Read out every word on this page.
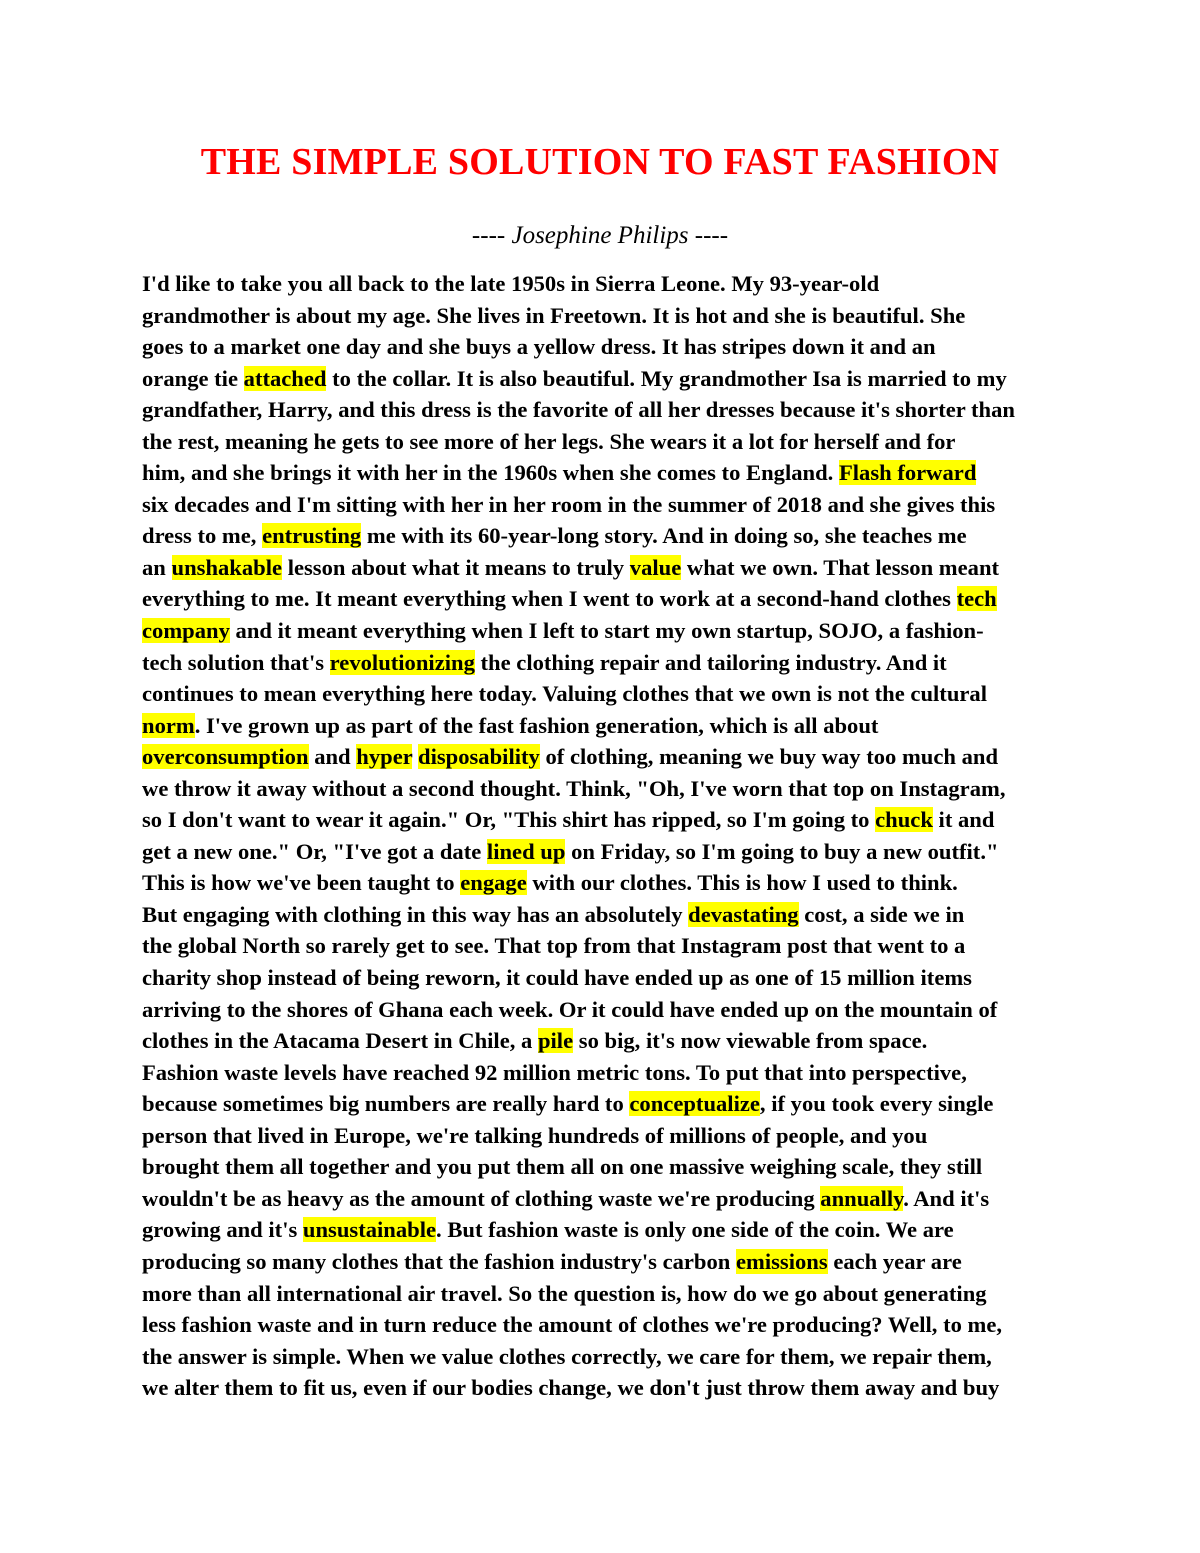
THE SIMPLE SOLUTION TO FAST FASHION
---- Josephine Philips ----
I'd like to take you all back to the late 1950s in Sierra Leone. My 93-year-old
grandmother is about my age. She lives in Freetown. It is hot and she is beautiful. She
goes to a market one day and she buys a yellow dress. It has stripes down it and an
orange tie attached to the collar. It is also beautiful. My grandmother Isa is married to my
grandfather, Harry, and this dress is the favorite of all her dresses because it's shorter than
the rest, meaning he gets to see more of her legs. She wears it a lot for herself and for
him, and she brings it with her in the 1960s when she comes to England. Flash forward
six decades and I'm sitting with her in her room in the summer of 2018 and she gives this
dress to me, entrusting me with its 60-year-long story. And in doing so, she teaches me
an unshakable lesson about what it means to truly value what we own. That lesson meant
everything to me. It meant everything when I went to work at a second-hand clothes tech
company and it meant everything when I left to start my own startup, SOJO, a fashion-
tech solution that's revolutionizing the clothing repair and tailoring industry. And it
continues to mean everything here today. Valuing clothes that we own is not the cultural
norm. I've grown up as part of the fast fashion generation, which is all about
overconsumption and hyper disposability of clothing, meaning we buy way too much and
we throw it away without a second thought. Think, "Oh, I've worn that top on Instagram,
so I don't want to wear it again." Or, "This shirt has ripped, so I'm going to chuck it and
get a new one." Or, "I've got a date lined up on Friday, so I'm going to buy a new outfit."
This is how we've been taught to engage with our clothes. This is how I used to think.
But engaging with clothing in this way has an absolutely devastating cost, a side we in
the global North so rarely get to see. That top from that Instagram post that went to a
charity shop instead of being reworn, it could have ended up as one of 15 million items
arriving to the shores of Ghana each week. Or it could have ended up on the mountain of
clothes in the Atacama Desert in Chile, a pile so big, it's now viewable from space.
Fashion waste levels have reached 92 million metric tons. To put that into perspective,
because sometimes big numbers are really hard to conceptualize, if you took every single
person that lived in Europe, we're talking hundreds of millions of people, and you
brought them all together and you put them all on one massive weighing scale, they still
wouldn't be as heavy as the amount of clothing waste we're producing annually. And it's
growing and it's unsustainable. But fashion waste is only one side of the coin. We are
producing so many clothes that the fashion industry's carbon emissions each year are
more than all international air travel. So the question is, how do we go about generating
less fashion waste and in turn reduce the amount of clothes we're producing? Well, to me,
the answer is simple. When we value clothes correctly, we care for them, we repair them,
we alter them to fit us, even if our bodies change, we don't just throw them away and buy
